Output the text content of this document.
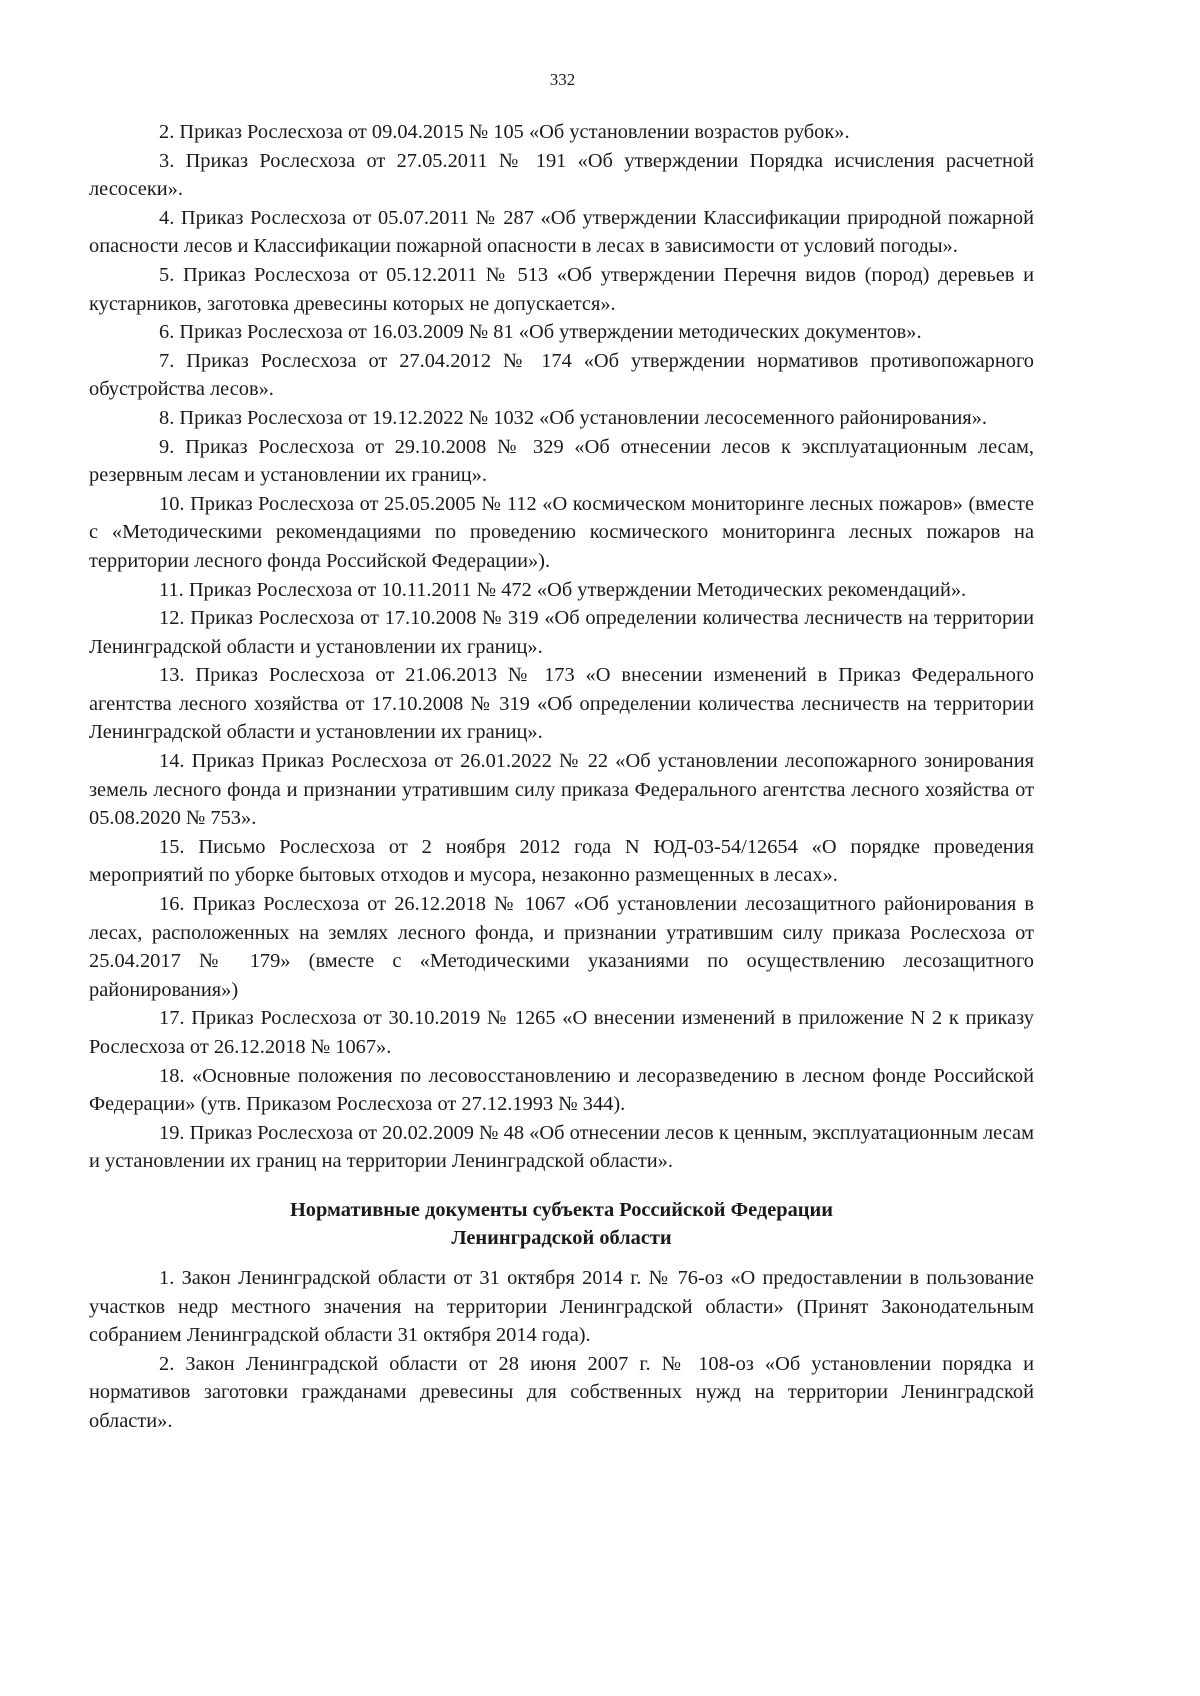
332

2. Приказ Рослесхоза от 09.04.2015 № 105 «Об установлении возрастов рубок».

3. Приказ Рослесхоза от 27.05.2011 № 191 «Об утверждении Порядка исчисления расчетной лесосеки».

4. Приказ Рослесхоза от 05.07.2011 № 287 «Об утверждении Классификации природной пожарной опасности лесов и Классификации пожарной опасности в лесах в зависимости от условий погоды».

5. Приказ Рослесхоза от 05.12.2011 № 513 «Об утверждении Перечня видов (пород) деревьев и кустарников, заготовка древесины которых не допускается».

6. Приказ Рослесхоза от 16.03.2009 № 81 «Об утверждении методических документов».

7. Приказ Рослесхоза от 27.04.2012 № 174 «Об утверждении нормативов противопожарного обустройства лесов».

8. Приказ Рослесхоза от 19.12.2022 № 1032 «Об установлении лесосеменного районирования».

9. Приказ Рослесхоза от 29.10.2008 № 329 «Об отнесении лесов к эксплуатационным лесам, резервным лесам и установлении их границ».

10. Приказ Рослесхоза от 25.05.2005 № 112 «О космическом мониторинге лесных пожаров» (вместе с «Методическими рекомендациями по проведению космического мониторинга лесных пожаров на территории лесного фонда Российской Федерации»).

11. Приказ Рослесхоза от 10.11.2011 № 472 «Об утверждении Методических рекомендаций».

12. Приказ Рослесхоза от 17.10.2008 № 319 «Об определении количества лесничеств на территории Ленинградской области и установлении их границ».

13. Приказ Рослесхоза от 21.06.2013 № 173 «О внесении изменений в Приказ Федерального агентства лесного хозяйства от 17.10.2008 № 319 «Об определении количества лесничеств на территории Ленинградской области и установлении их границ».

14. Приказ Приказ Рослесхоза от 26.01.2022 № 22 «Об установлении лесопожарного зонирования земель лесного фонда и признании утратившим силу приказа Федерального агентства лесного хозяйства от 05.08.2020 № 753».

15. Письмо Рослесхоза от 2 ноября 2012 года N ЮД-03-54/12654 «О порядке проведения мероприятий по уборке бытовых отходов и мусора, незаконно размещенных в лесах».

16. Приказ Рослесхоза от 26.12.2018 № 1067 «Об установлении лесозащитного районирования в лесах, расположенных на землях лесного фонда, и признании утратившим силу приказа Рослесхоза от 25.04.2017 № 179» (вместе с «Методическими указаниями по осуществлению лесозащитного районирования»)

17. Приказ Рослесхоза от 30.10.2019 № 1265 «О внесении изменений в приложение N 2 к приказу Рослесхоза от 26.12.2018 № 1067».

18. «Основные положения по лесовосстановлению и лесоразведению в лесном фонде Российской Федерации» (утв. Приказом Рослесхоза от 27.12.1993 № 344).

19. Приказ Рослесхоза от 20.02.2009 № 48 «Об отнесении лесов к ценным, эксплуатационным лесам и установлении их границ на территории Ленинградской области».

Нормативные документы субъекта Российской Федерации
Ленинградской области

1. Закон Ленинградской области от 31 октября 2014 г. № 76-оз «О предоставлении в пользование участков недр местного значения на территории Ленинградской области» (Принят Законодательным собранием Ленинградской области 31 октября 2014 года).

2. Закон Ленинградской области от 28 июня 2007 г. № 108-оз «Об установлении порядка и нормативов заготовки гражданами древесины для собственных нужд на территории Ленинградской области».
